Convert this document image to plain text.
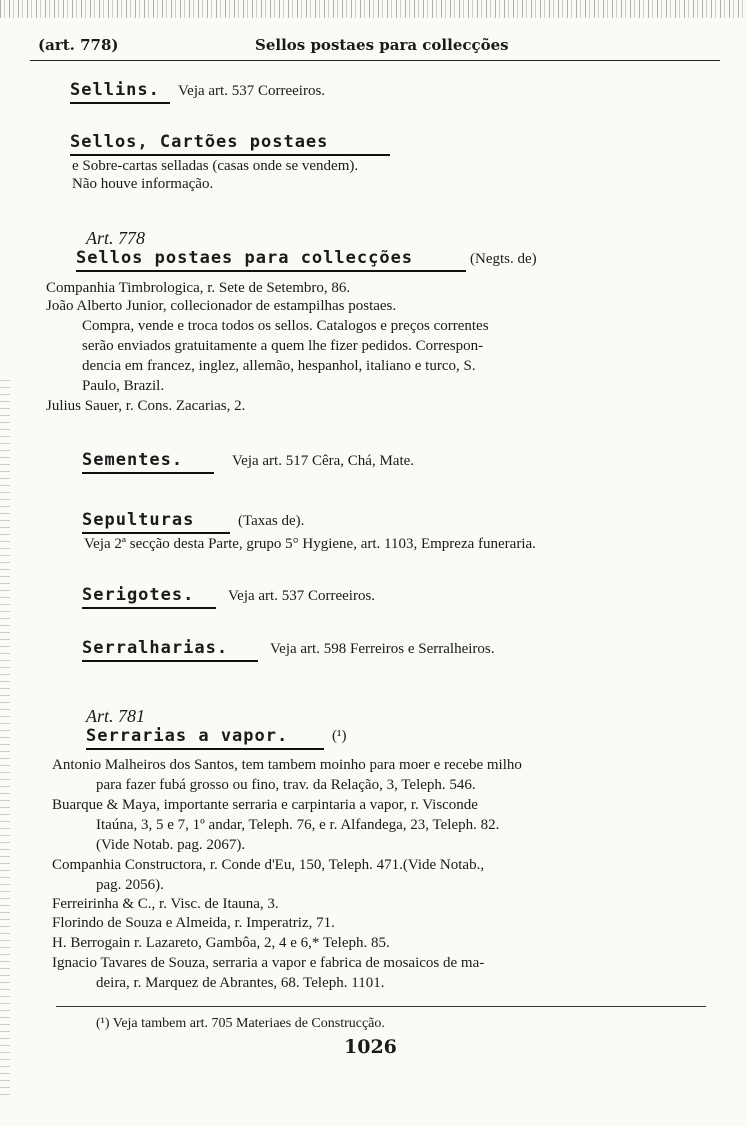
(art. 778)	Sellos postaes para collecções
Sellins. Veja art. 537 Correeiros.
Sellos, Cartões postaes
e Sobre-cartas selladas (casas onde se vendem).
Não houve informação.
Art. 778
Sellos postaes para collecções	(Negts. de)
Companhia Timbrologica, r. Sete de Setembro, 86.
João Alberto Junior, collecionador de estampilhas postaes.
Compra, vende e troca todos os sellos. Catalogos e preços correntes
serão enviados gratuitamente a quem lhe fizer pedidos. Correspon-
dencia em francez, inglez, allemão, hespanhol, italiano e turco, S.
Paulo, Brazil.
Julius Sauer, r. Cons. Zacarias, 2.
Sementes.	Veja art. 517 Cêra, Chá, Mate.
Sepulturas	(Taxas de).
Veja 2ª secção desta Parte, grupo 5° Hygiene, art. 1103, Empreza funeraria.
Serigotes. Veja art. 537 Correeiros.
Serralharias.	Veja art. 598 Ferreiros e Serralheiros.
Art. 781
Serrarias a vapor.	(¹)
Antonio Malheiros dos Santos, tem tambem moinho para moer e recebe milho
para fazer fubá grosso ou fino, trav. da Relação, 3, Teleph. 546.
Buarque & Maya, importante serraria e carpintaria a vapor, r. Visconde
Itaúna, 3, 5 e 7, 1º andar, Teleph. 76, e r. Alfandega, 23, Teleph. 82.
(Vide Notab. pag. 2067).
Companhia Constructora, r. Conde d'Eu, 150, Teleph. 471.(Vide Notab.,
pag. 2056).
Ferreirinha & C., r. Visc. de Itauna, 3.
Florindo de Souza e Almeida, r. Imperatriz, 71.
H. Berrogain r. Lazareto, Gambôa, 2, 4 e 6,* Teleph. 85.
Ignacio Tavares de Souza, serraria a vapor e fabrica de mosaicos de ma-
deira, r. Marquez de Abrantes, 68. Teleph. 1101.
(¹) Veja tambem art. 705 Materiaes de Construcção.
1026
